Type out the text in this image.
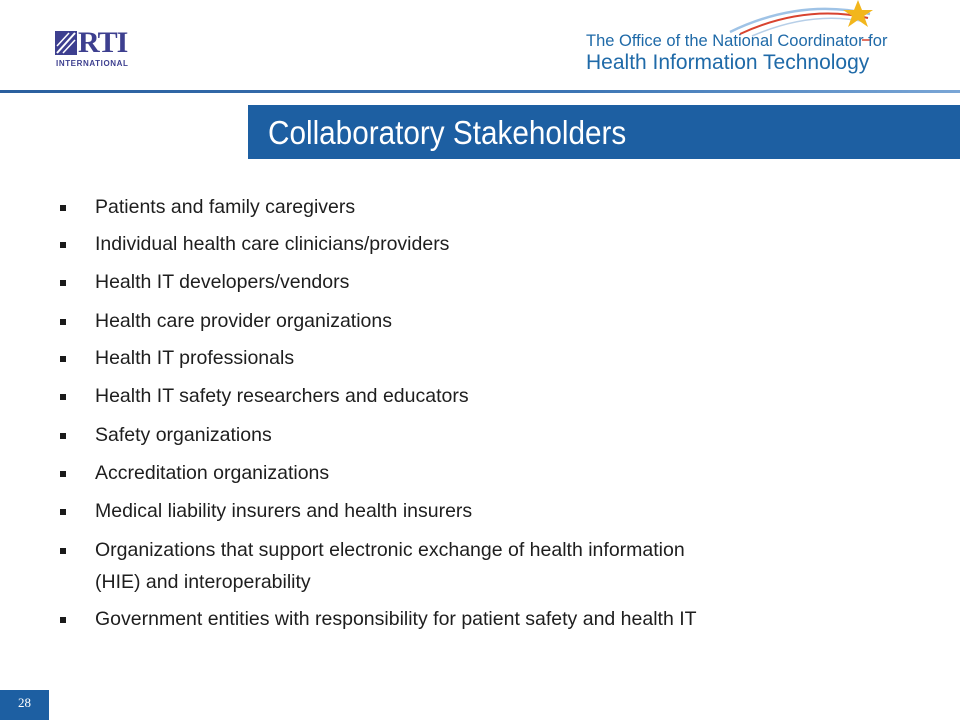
RTI
INTERNATIONAL
The Office of the National Coordinator for
Health Information Technology
Collaboratory Stakeholders
Patients and family caregivers
Individual health care clinicians/providers
Health IT developers/vendors
Health care provider organizations
Health IT professionals
Health IT safety researchers and educators
Safety organizations
Accreditation organizations
Medical liability insurers and health insurers
Organizations that support electronic exchange of health information
(HIE) and interoperability
Government entities with responsibility for patient safety and health IT
28
